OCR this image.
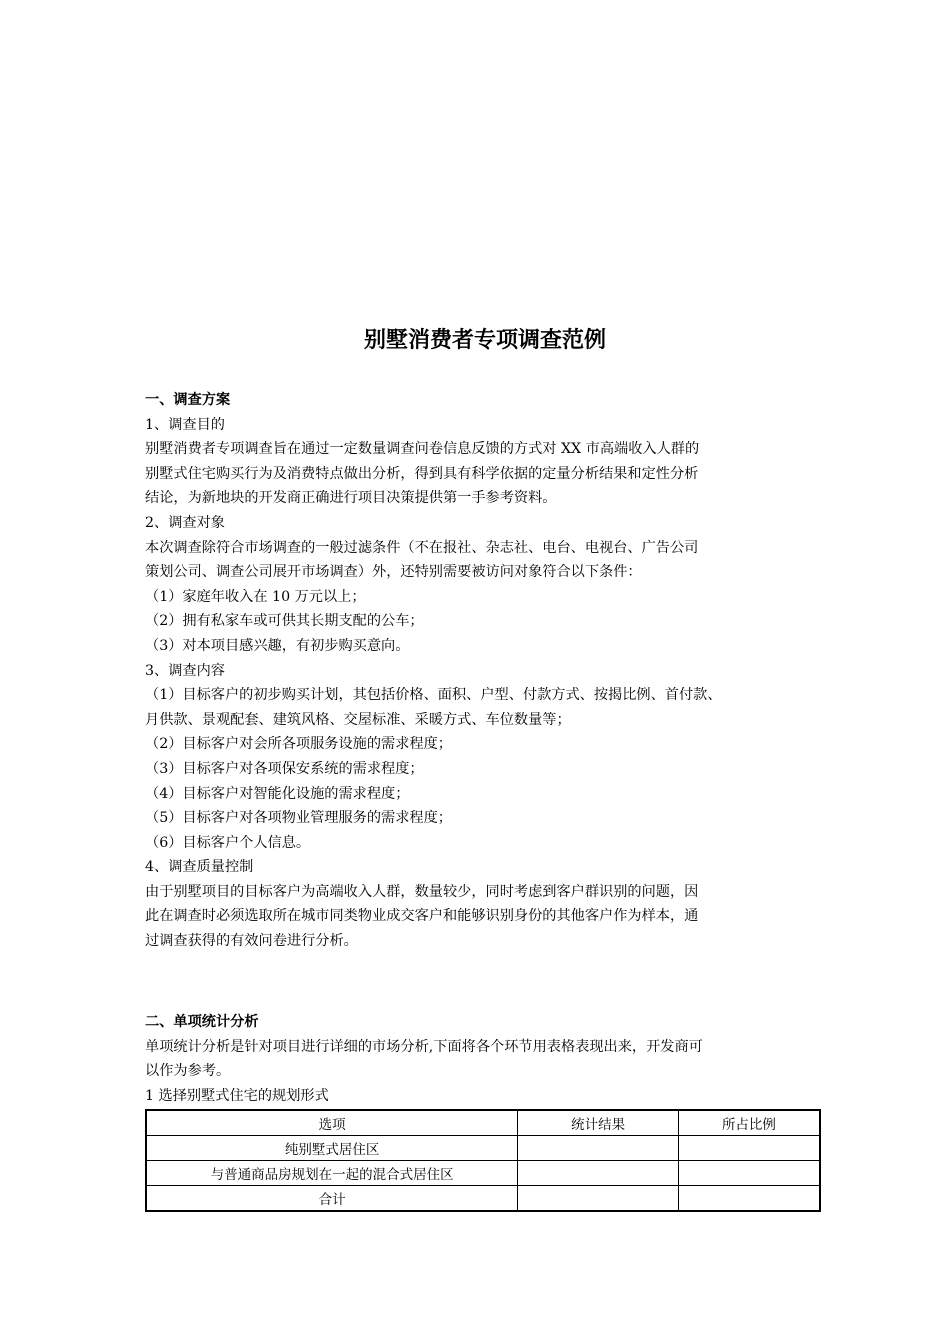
别墅消费者专项调查范例
一、调查方案
1、调查目的
别墅消费者专项调查旨在通过一定数量调查问卷信息反馈的方式对 XX 市高端收入人群的
别墅式住宅购买行为及消费特点做出分析，得到具有科学依据的定量分析结果和定性分析
结论，为新地块的开发商正确进行项目决策提供第一手参考资料。
2、调查对象
本次调查除符合市场调查的一般过滤条件（不在报社、杂志社、电台、电视台、广告公司
策划公司、调查公司展开市场调查）外，还特别需要被访问对象符合以下条件：
（1）家庭年收入在 10 万元以上；
（2）拥有私家车或可供其长期支配的公车；
（3）对本项目感兴趣，有初步购买意向。
3、调查内容
（1）目标客户的初步购买计划，其包括价格、面积、户型、付款方式、按揭比例、首付款、
月供款、景观配套、建筑风格、交屋标准、采暖方式、车位数量等；
（2）目标客户对会所各项服务设施的需求程度；
（3）目标客户对各项保安系统的需求程度；
（4）目标客户对智能化设施的需求程度；
（5）目标客户对各项物业管理服务的需求程度；
（6）目标客户个人信息。
4、调查质量控制
由于别墅项目的目标客户为高端收入人群，数量较少，同时考虑到客户群识别的问题，因
此在调查时必须选取所在城市同类物业成交客户和能够识别身份的其他客户作为样本，通
过调查获得的有效问卷进行分析。
二、单项统计分析
单项统计分析是针对项目进行详细的市场分析,下面将各个环节用表格表现出来，开发商可
以作为参考。
1 选择别墅式住宅的规划形式
选项	统计结果	所占比例
纯别墅式居住区		
与普通商品房规划在一起的混合式居住区		
合计		
